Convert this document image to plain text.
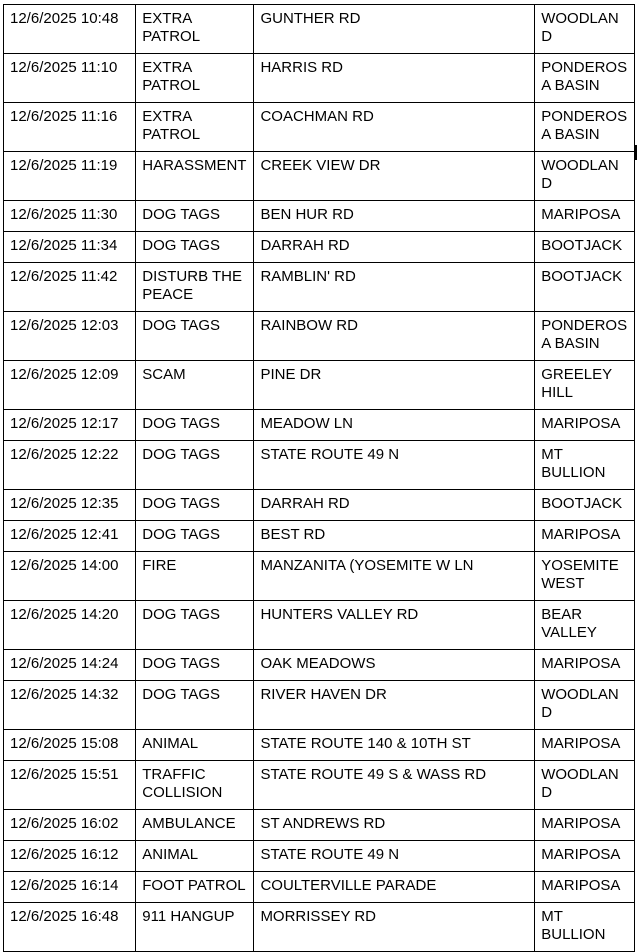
12/6/2025 10:48	EXTRA PATROL	GUNTHER RD	WOODLAND
12/6/2025 11:10	EXTRA PATROL	HARRIS RD	PONDEROSA BASIN
12/6/2025 11:16	EXTRA PATROL	COACHMAN RD	PONDEROSA BASIN
12/6/2025 11:19	HARASSMENT	CREEK VIEW DR	WOODLAND
12/6/2025 11:30	DOG TAGS	BEN HUR RD	MARIPOSA
12/6/2025 11:34	DOG TAGS	DARRAH RD	BOOTJACK
12/6/2025 11:42	DISTURB THE PEACE	RAMBLIN' RD	BOOTJACK
12/6/2025 12:03	DOG TAGS	RAINBOW RD	PONDEROSA BASIN
12/6/2025 12:09	SCAM	PINE DR	GREELEY HILL
12/6/2025 12:17	DOG TAGS	MEADOW LN	MARIPOSA
12/6/2025 12:22	DOG TAGS	STATE ROUTE 49 N	MT BULLION
12/6/2025 12:35	DOG TAGS	DARRAH RD	BOOTJACK
12/6/2025 12:41	DOG TAGS	BEST RD	MARIPOSA
12/6/2025 14:00	FIRE	MANZANITA (YOSEMITE W LN	YOSEMITE WEST
12/6/2025 14:20	DOG TAGS	HUNTERS VALLEY RD	BEAR VALLEY
12/6/2025 14:24	DOG TAGS	OAK MEADOWS	MARIPOSA
12/6/2025 14:32	DOG TAGS	RIVER HAVEN DR	WOODLAND
12/6/2025 15:08	ANIMAL	STATE ROUTE 140 & 10TH ST	MARIPOSA
12/6/2025 15:51	TRAFFIC COLLISION	STATE ROUTE 49 S & WASS RD	WOODLAND
12/6/2025 16:02	AMBULANCE	ST ANDREWS RD	MARIPOSA
12/6/2025 16:12	ANIMAL	STATE ROUTE 49 N	MARIPOSA
12/6/2025 16:14	FOOT PATROL	COULTERVILLE PARADE	MARIPOSA
12/6/2025 16:48	911 HANGUP	MORRISSEY RD	MT BULLION
